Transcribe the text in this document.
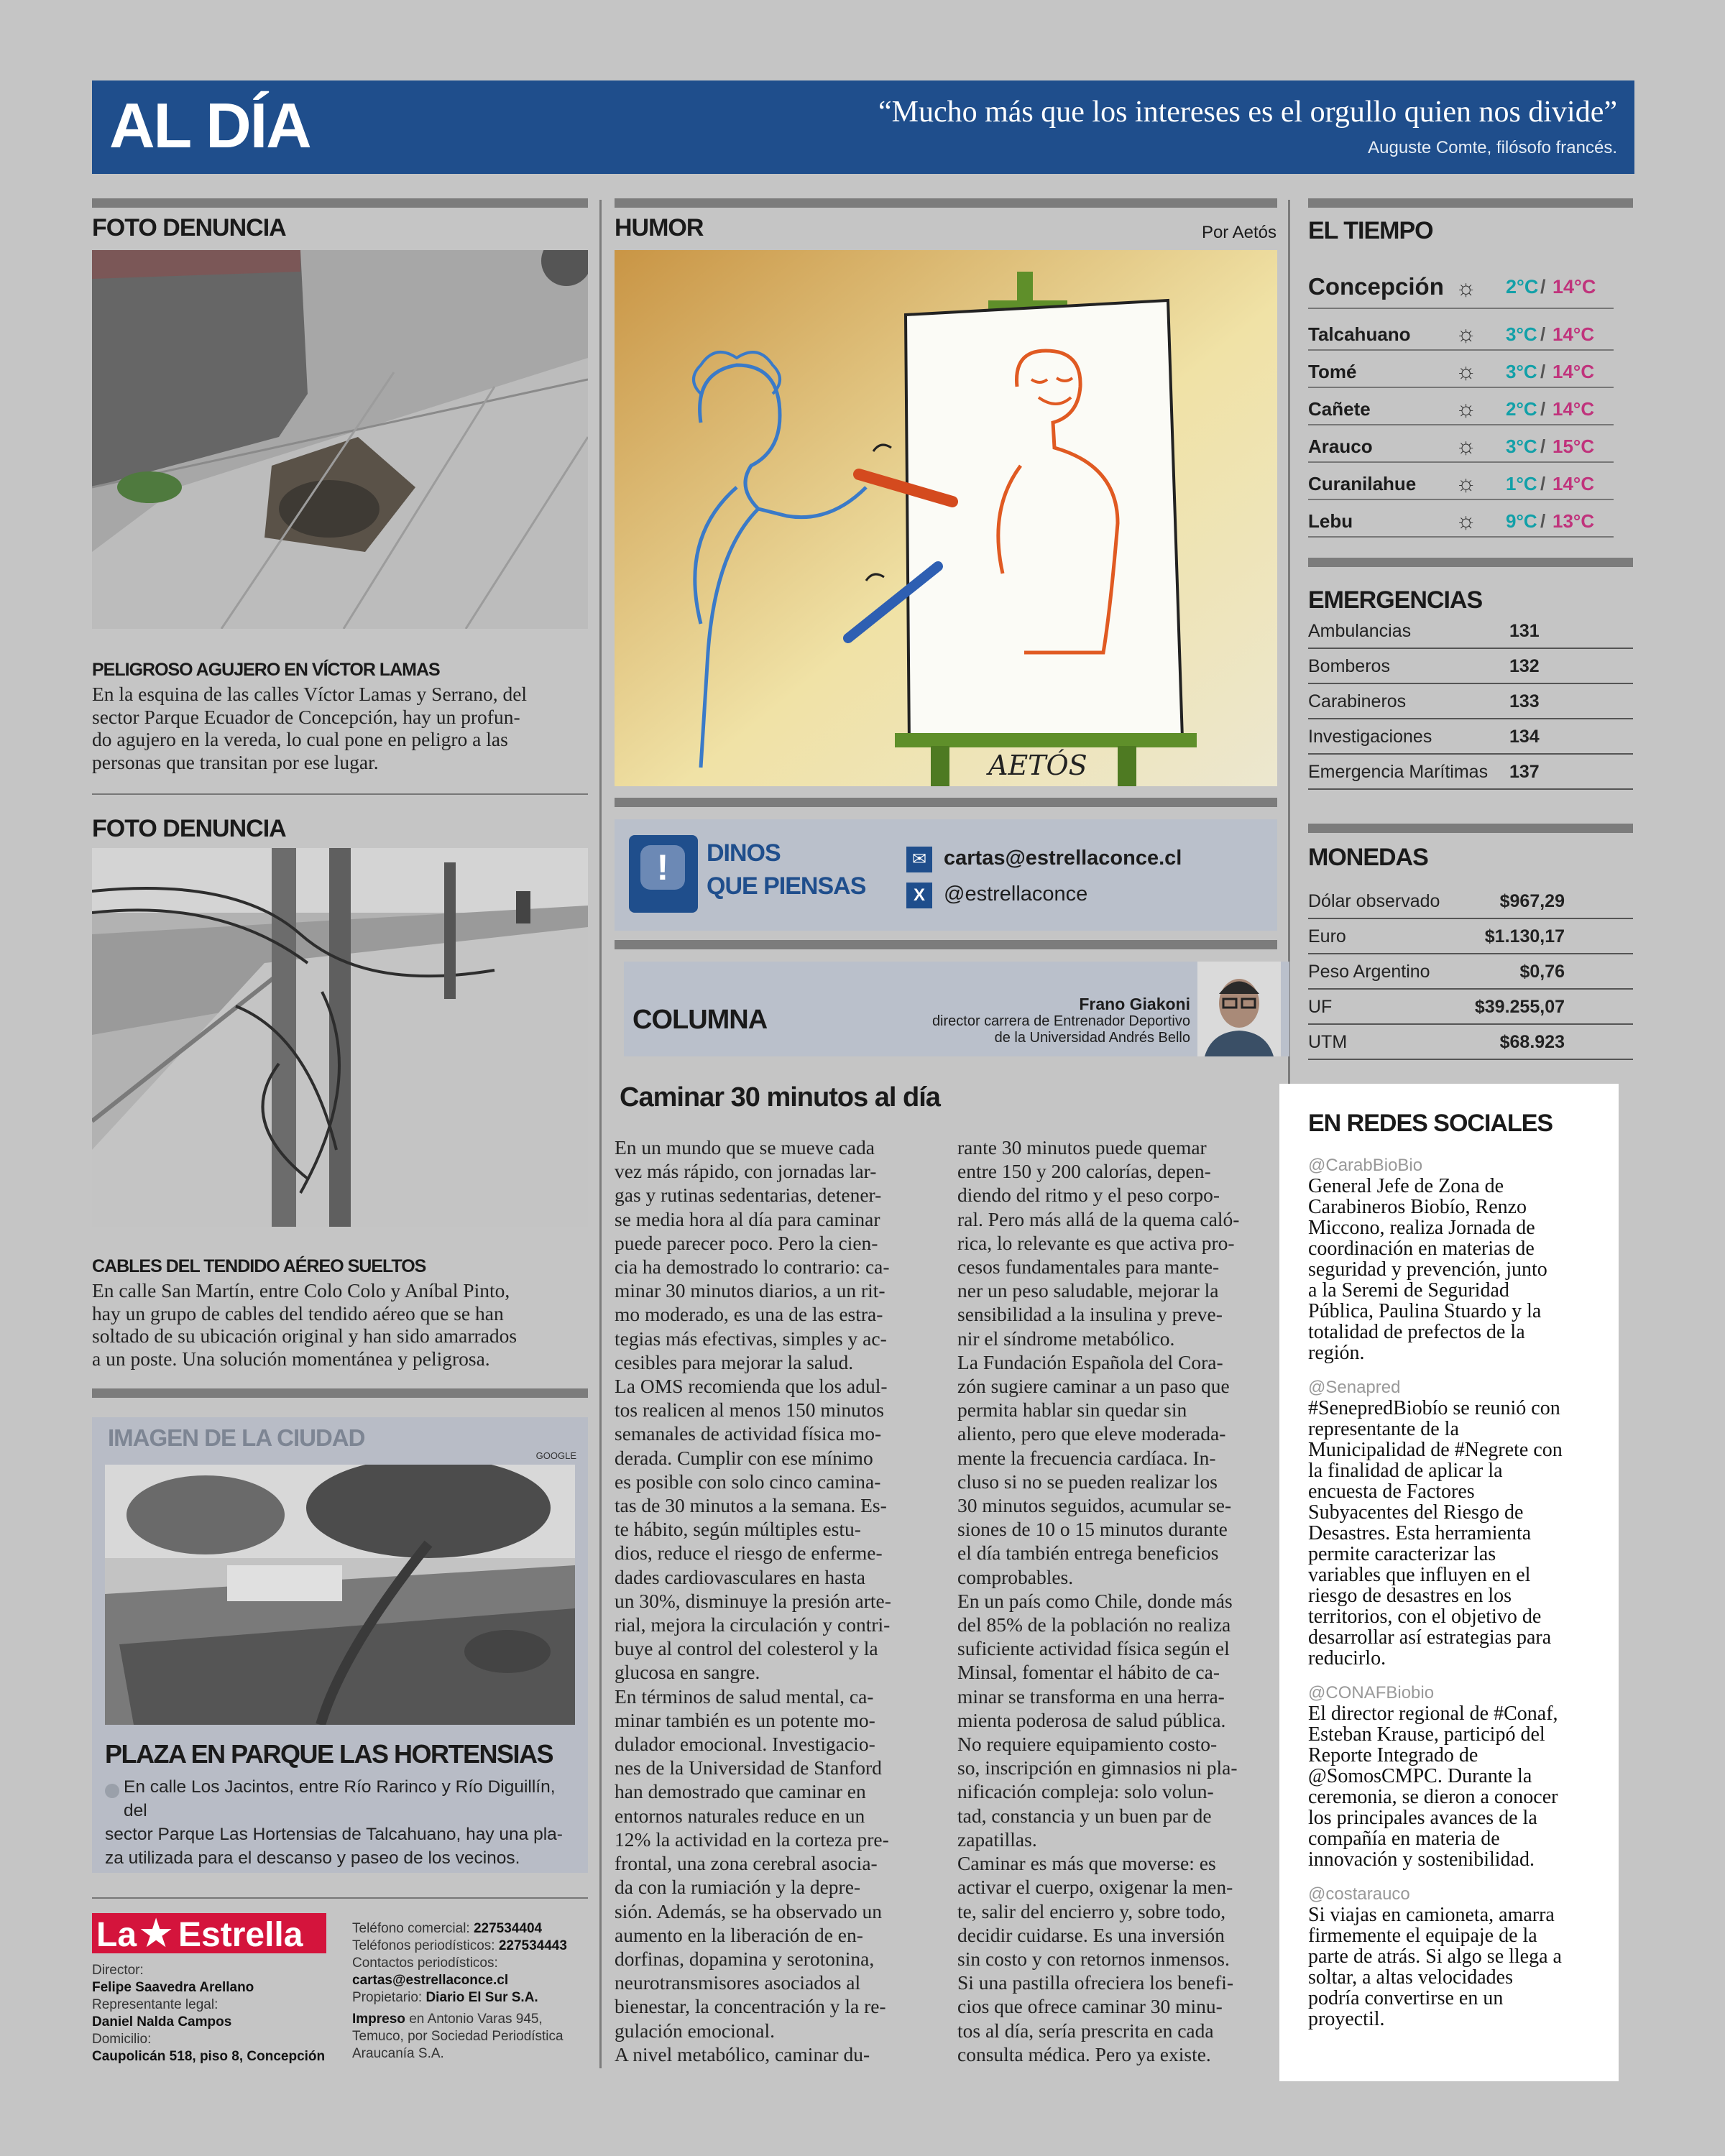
AL DÍA	“Mucho más que los intereses es el orgullo quien nos divide”
Auguste Comte, filósofo francés.
FOTO DENUNCIA
PELIGROSO AGUJERO EN VÍCTOR LAMAS
En la esquina de las calles Víctor Lamas y Serrano, del
sector Parque Ecuador de Concepción, hay un profun-
do agujero en la vereda, lo cual pone en peligro a las
personas que transitan por ese lugar.
FOTO DENUNCIA
CABLES DEL TENDIDO AÉREO SUELTOS
En calle San Martín, entre Colo Colo y Aníbal Pinto,
hay un grupo de cables del tendido aéreo que se han
soltado de su ubicación original y han sido amarrados
a un poste. Una solución momentánea y peligrosa.
IMAGEN DE LA CIUDAD
GOOGLE
PLAZA EN PARQUE LAS HORTENSIAS
En calle Los Jacintos, entre Río Rarinco y Río Diguillín, del
sector Parque Las Hortensias de Talcahuano, hay una pla-
za utilizada para el descanso y paseo de los vecinos.
La ★ Estrella
Director:
Felipe Saavedra Arellano
Representante legal:
Daniel Nalda Campos
Domicilio:
Caupolicán 518, piso 8, Concepción
Teléfono comercial: 227534404
Teléfonos periodísticos: 227534443
Contactos periodísticos:
cartas@estrellaconce.cl
Propietario: Diario El Sur S.A.
Impreso en Antonio Varas 945,
Temuco, por Sociedad Periodística
Araucanía S.A.
HUMOR	Por Aetós
AETÓS
!	DINOS
QUE PIENSAS
✉ cartas@estrellaconce.cl
X @estrellaconce
COLUMNA
Frano Giakoni
director carrera de Entrenador Deportivo
de la Universidad Andrés Bello
Caminar 30 minutos al día
En un mundo que se mueve cada
vez más rápido, con jornadas lar-
gas y rutinas sedentarias, detener-
se media hora al día para caminar
puede parecer poco. Pero la cien-
cia ha demostrado lo contrario: ca-
minar 30 minutos diarios, a un rit-
mo moderado, es una de las estra-
tegias más efectivas, simples y ac-
cesibles para mejorar la salud.
La OMS recomienda que los adul-
tos realicen al menos 150 minutos
semanales de actividad física mo-
derada. Cumplir con ese mínimo
es posible con solo cinco camina-
tas de 30 minutos a la semana. Es-
te hábito, según múltiples estu-
dios, reduce el riesgo de enferme-
dades cardiovasculares en hasta
un 30%, disminuye la presión arte-
rial, mejora la circulación y contri-
buye al control del colesterol y la
glucosa en sangre.
En términos de salud mental, ca-
minar también es un potente mo-
dulador emocional. Investigacio-
nes de la Universidad de Stanford
han demostrado que caminar en
entornos naturales reduce en un
12% la actividad en la corteza pre-
frontal, una zona cerebral asocia-
da con la rumiación y la depre-
sión. Además, se ha observado un
aumento en la liberación de en-
dorfinas, dopamina y serotonina,
neurotransmisores asociados al
bienestar, la concentración y la re-
gulación emocional.
A nivel metabólico, caminar du-
rante 30 minutos puede quemar
entre 150 y 200 calorías, depen-
diendo del ritmo y el peso corpo-
ral. Pero más allá de la quema caló-
rica, lo relevante es que activa pro-
cesos fundamentales para mante-
ner un peso saludable, mejorar la
sensibilidad a la insulina y preve-
nir el síndrome metabólico.
La Fundación Española del Cora-
zón sugiere caminar a un paso que
permita hablar sin quedar sin
aliento, pero que eleve moderada-
mente la frecuencia cardíaca. In-
cluso si no se pueden realizar los
30 minutos seguidos, acumular se-
siones de 10 o 15 minutos durante
el día también entrega beneficios
comprobables.
En un país como Chile, donde más
del 85% de la población no realiza
suficiente actividad física según el
Minsal, fomentar el hábito de ca-
minar se transforma en una herra-
mienta poderosa de salud pública.
No requiere equipamiento costo-
so, inscripción en gimnasios ni pla-
nificación compleja: solo volun-
tad, constancia y un buen par de
zapatillas.
Caminar es más que moverse: es
activar el cuerpo, oxigenar la men-
te, salir del encierro y, sobre todo,
decidir cuidarse. Es una inversión
sin costo y con retornos inmensos.
Si una pastilla ofreciera los benefi-
cios que ofrece caminar 30 minu-
tos al día, sería prescrita en cada
consulta médica. Pero ya existe.
EL TIEMPO
Concepción ☼ 2°C / 14°C
Talcahuano ☼ 3°C / 14°C
Tomé	☼ 3°C / 14°C
Cañete	☼ 2°C / 14°C
Arauco	☼ 3°C / 15°C
Curanilahue ☼ 1°C / 14°C
Lebu	☼ 9°C / 13°C
EMERGENCIAS
Ambulancias	131
Bomberos	132
Carabineros	133
Investigaciones	134
Emergencia Marítimas 137
MONEDAS
Dólar observado	$967,29
Euro	$1.130,17
Peso Argentino	$0,76
UF	$39.255,07
UTM	$68.923
EN REDES SOCIALES
@CarabBioBio
General Jefe de Zona de
Carabineros Biobío, Renzo
Miccono, realiza Jornada de
coordinación en materias de
seguridad y prevención, junto
a la Seremi de Seguridad
Pública, Paulina Stuardo y la
totalidad de prefectos de la
región.
@Senapred
#SenepredBiobío se reunió con
representante de la
Municipalidad de #Negrete con
la finalidad de aplicar la
encuesta de Factores
Subyacentes del Riesgo de
Desastres. Esta herramienta
permite caracterizar las
variables que influyen en el
riesgo de desastres en los
territorios, con el objetivo de
desarrollar así estrategias para
reducirlo.
@CONAFBiobio
El director regional de #Conaf,
Esteban Krause, participó del
Reporte Integrado de
@SomosCMPC. Durante la
ceremonia, se dieron a conocer
los principales avances de la
compañía en materia de
innovación y sostenibilidad.
@costarauco
Si viajas en camioneta, amarra
firmemente el equipaje de la
parte de atrás. Si algo se llega a
soltar, a altas velocidades
podría convertirse en un
proyectil.
